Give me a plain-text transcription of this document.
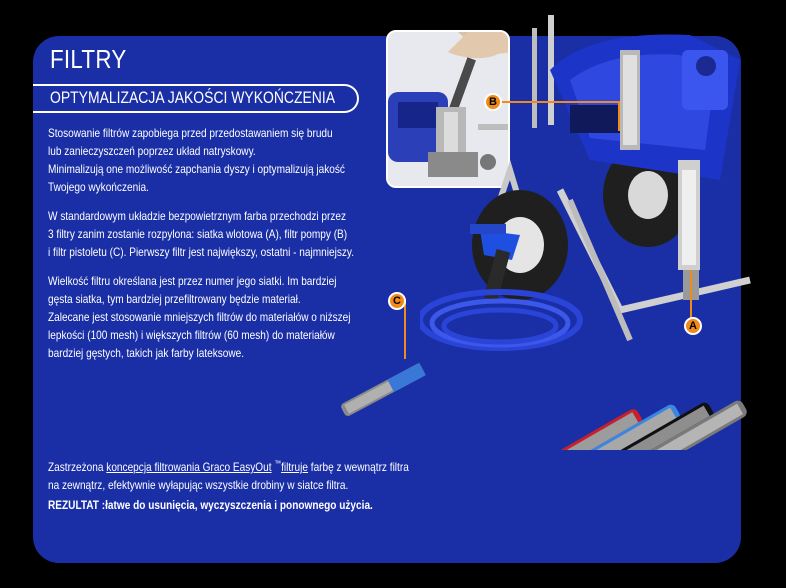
FILTRY
OPTYMALIZACJA JAKOŚCI WYKOŃCZENIA

Stosowanie filtrów zapobiega przed przedostawaniem się brudu

lub zanieczyszczeń poprzez układ natryskowy.

Minimalizują one możliwość zapchania dyszy i optymalizują jakość

Twojego wykończenia.

W standardowym układzie bezpowietrznym farba przechodzi przez

3 filtry zanim zostanie rozpylona: siatka wlotowa (A), filtr pompy (B)

i filtr pistoletu (C). Pierwszy filtr jest największy, ostatni - najmniejszy.

Wielkość filtru określana jest przez numer jego siatki. Im bardziej

gęsta siatka, tym bardziej przefiltrowany będzie materiał.

Zalecane jest stosowanie mniejszych filtrów do materiałów o niższej

lepkości (100 mesh) i większych filtrów (60 mesh) do materiałów

bardziej gęstych, takich jak farby lateksowe.

Zastrzeżona koncepcja filtrowania Graco EasyOut ™filtruje farbę z wewnątrz filtra
na zewnątrz, efektywnie wyłapując wszystkie drobiny w siatce filtra.
REZULTAT :łatwe do usunięcia, wyczyszczenia i ponownego użycia.
B
C
A
